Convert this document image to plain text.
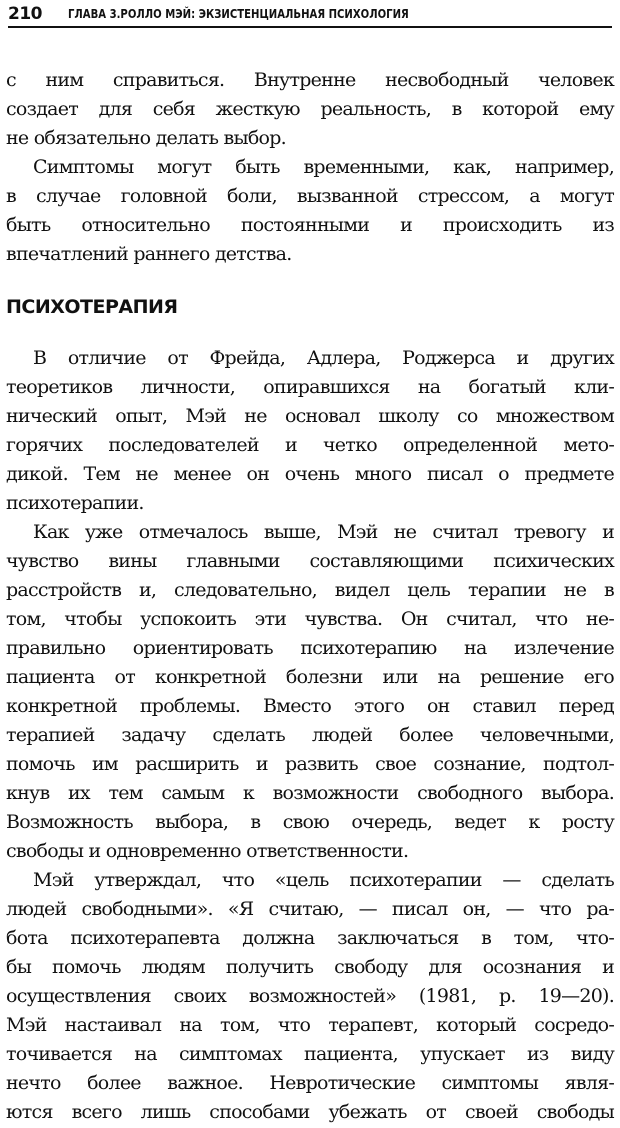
210 ГЛАВА 3.РОЛЛО МЭЙ: ЭКЗИСТЕНЦИАЛЬНАЯ ПСИХОЛОГИЯ

с ним справиться. Внутренне несвободный человек
создает для себя жесткую реальность, в которой ему
не обязательно делать выбор.

Симптомы могут быть временными, как, например,
в случае головной боли, вызванной стрессом, а могут
быть относительно постоянными и происходить из
впечатлений раннего детства.

ПСИХОТЕРАПИЯ

В отличие от Фрейда, Адлера, Роджерса и других
теоретиков личности, опиравшихся на богатый кли-
нический опыт, Мэй не основал школу со множеством
горячих последователей и четко определенной мето-
дикой. Тем не менее он очень много писал о предмете
психотерапии.

Как уже отмечалось выше, Мэй не считал тревогу и
чувство вины главными составляющими психических
расстройств и, следовательно, видел цель терапии не в
том, чтобы успокоить эти чувства. Он считал, что не-
правильно ориентировать психотерапию на излечение
пациента от конкретной болезни или на решение его
конкретной проблемы. Вместо этого он ставил перед
терапией задачу сделать людей более человечными,
помочь им расширить и развить свое сознание, подтол-
кнув их тем самым к возможности свободного выбора.
Возможность выбора, в свою очередь, ведет к росту
свободы и одновременно ответственности.

Мэй утверждал, что «цель психотерапии — сделать
людей свободными». «Я считаю, — писал он, — что ра-
бота психотерапевта должна заключаться в том, что-
бы помочь людям получить свободу для осознания и
осуществления своих возможностей» (1981, p. 19—20).
Мэй настаивал на том, что терапевт, который сосредо-
точивается на симптомах пациента, упускает из виду
нечто более важное. Невротические симптомы явля-
ются всего лишь способами убежать от своей свободы
